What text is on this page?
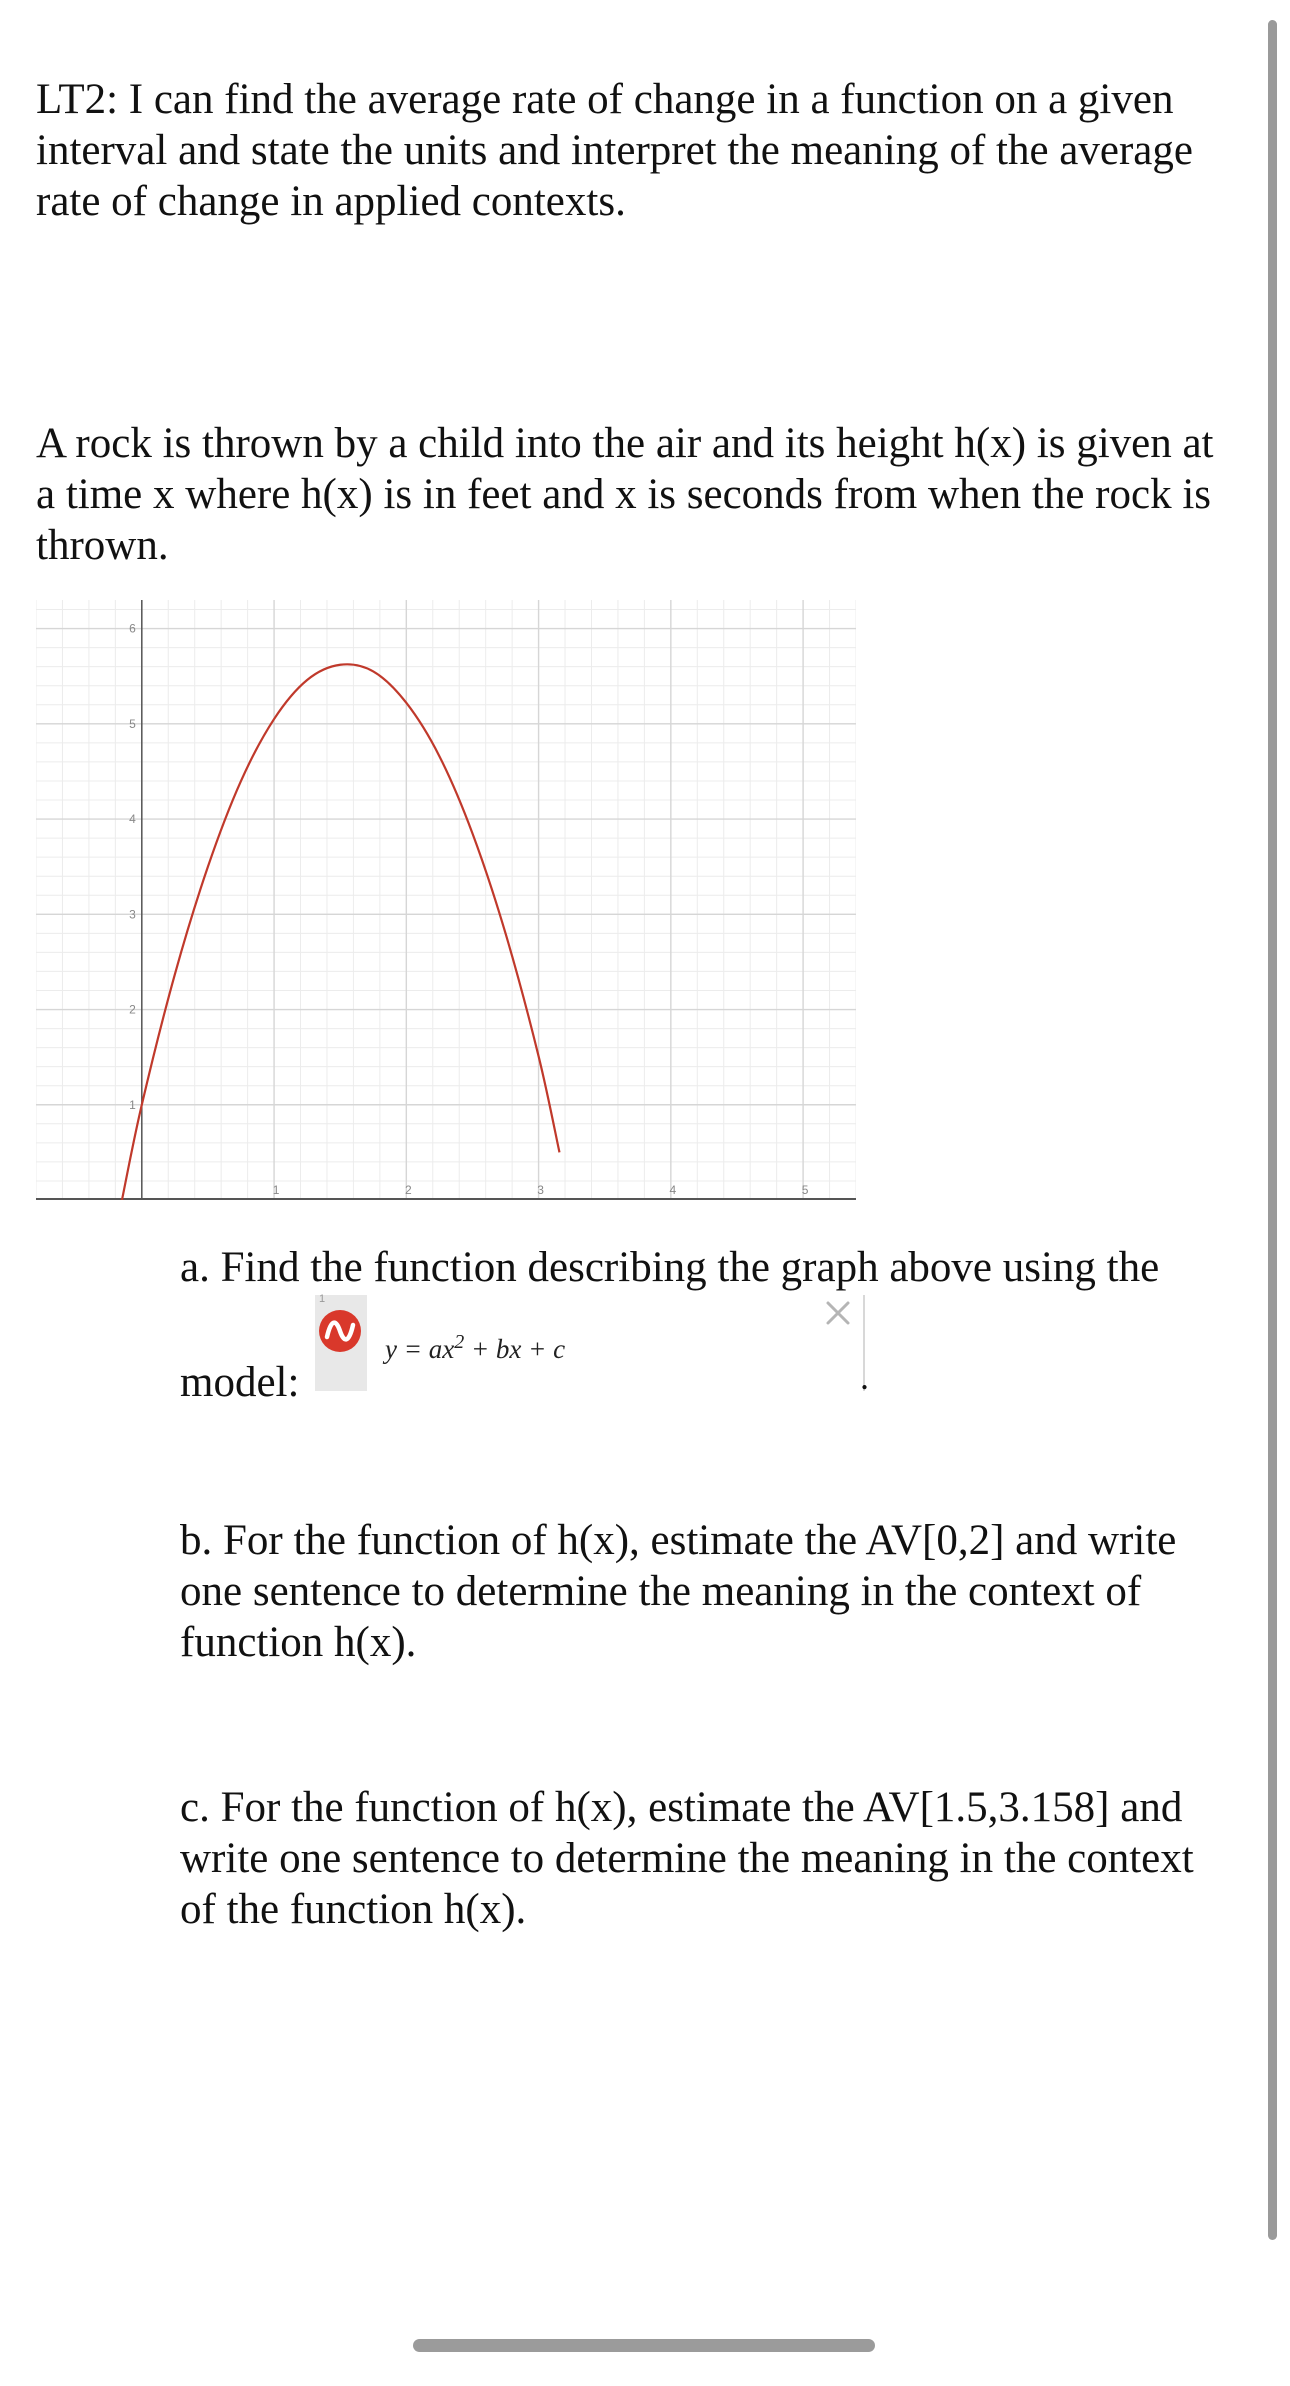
LT2: I can find the average rate of change in a function on a given interval and state the units and interpret the meaning of the average rate of change in applied contexts.

A rock is thrown by a child into the air and its height h(x) is given at a time x where h(x) is in feet and x is seconds from when the rock is thrown.

1	2	3	4	5
1
2
3
4
5
6

a. Find the function describing the graph above using the

model:

1
$y = ax^2$ + bx + c
.

b. For the function of h(x), estimate the AV[0,2] and write one sentence to determine the meaning in the context of function h(x).

c. For the function of h(x), estimate the AV[1.5,3.158] and write one sentence to determine the meaning in the context of the function h(x).
